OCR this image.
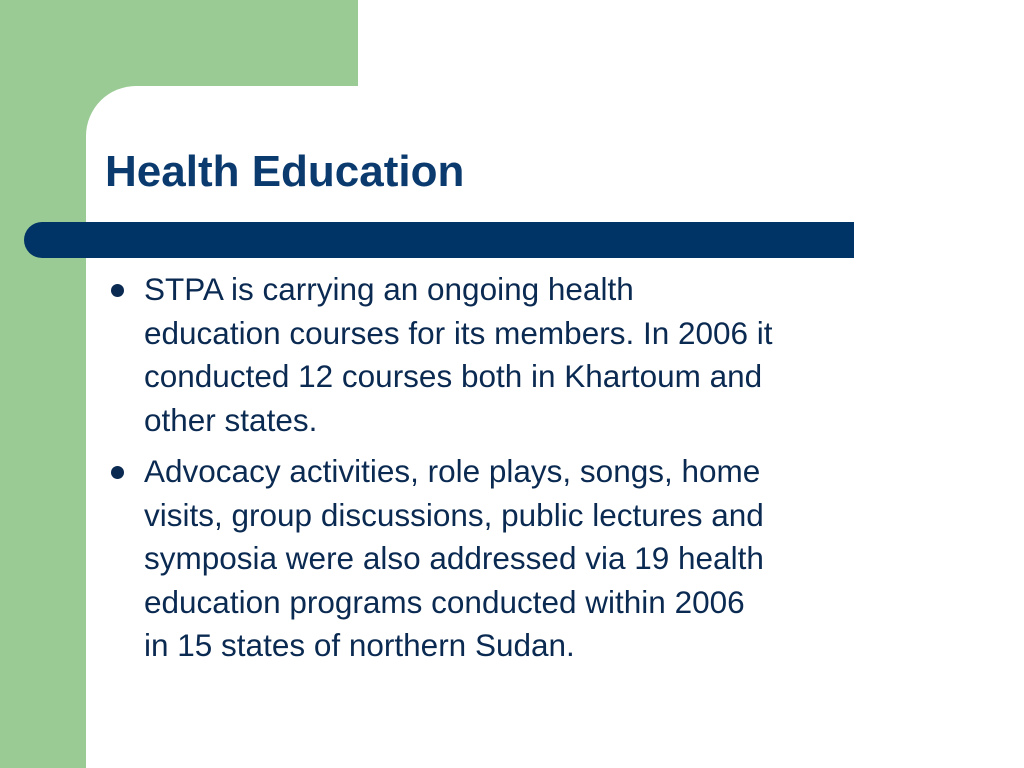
Health Education
STPA is carrying an ongoing health
education courses for its members. In 2006 it
conducted 12 courses both in Khartoum and
other states.
Advocacy activities, role plays, songs, home
visits, group discussions, public lectures and
symposia were also addressed via 19 health
education programs conducted within 2006
in 15 states of northern Sudan.
